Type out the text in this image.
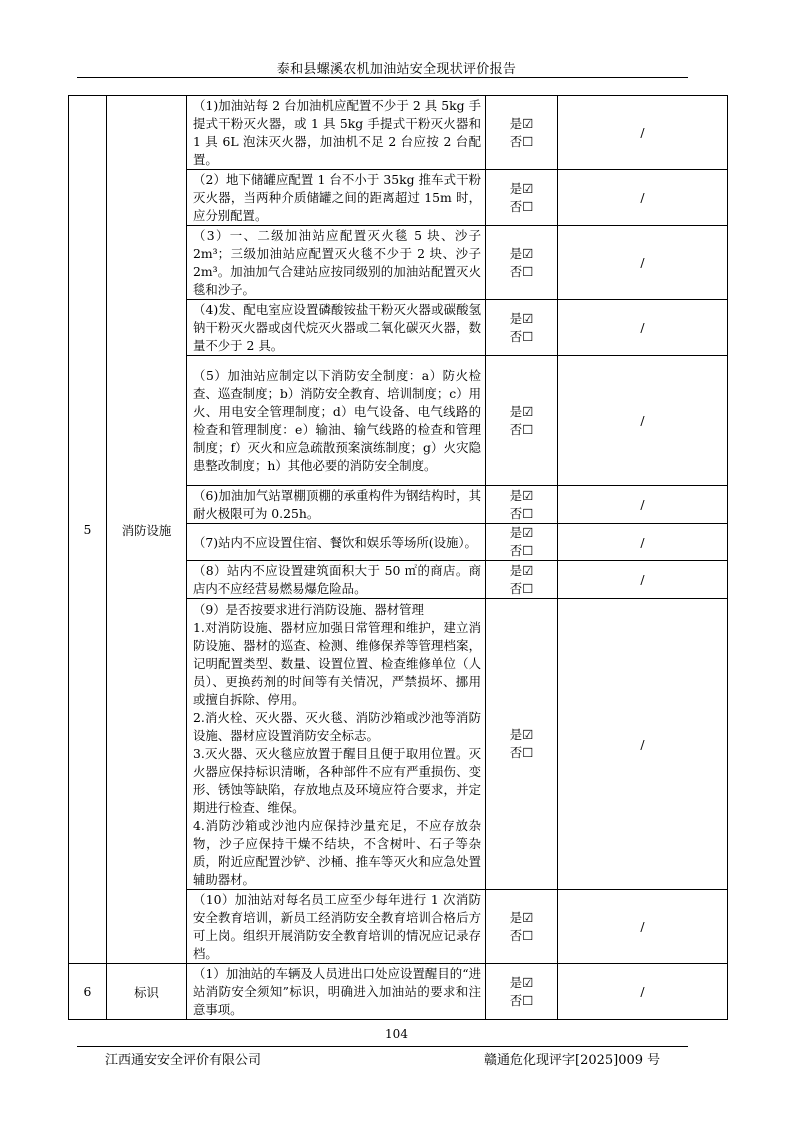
泰和县螺溪农机加油站安全现状评价报告
5	消防设施	（1)加油站每 2 台加油机应配置不少于 2 具 5kg 手提式干粉灭火器，或 1 具 5kg 手提式干粉灭火器和 1 具 6L 泡沫灭火器，加油机不足 2 台应按 2 台配置。	是☑
否☐	/

		（2）地下储罐应配置 1 台不小于 35kg 推车式干粉灭火器，当两种介质储罐之间的距离超过 15m 时，应分别配置。	是☑
否☐	/

		（3）一、二级加油站应配置灭火毯 5 块、沙子 2m³；三级加油站应配置灭火毯不少于 2 块、沙子 2m³。加油加气合建站应按同级别的加油站配置灭火毯和沙子。	是☑
否☐	/

		（4)发、配电室应设置磷酸铵盐干粉灭火器或碳酸氢钠干粉灭火器或卤代烷灭火器或二氧化碳灭火器，数量不少于 2 具。	是☑
否☐	/

		（5）加油站应制定以下消防安全制度：a）防火检查、巡查制度；b）消防安全教育、培训制度；c）用火、用电安全管理制度；d）电气设备、电气线路的检查和管理制度：e）输油、输气线路的检查和管理制度；f）灭火和应急疏散预案演练制度；g）火灾隐患整改制度；h）其他必要的消防安全制度。	是☑
否☐	/

		（6)加油加气站罩棚顶棚的承重构件为钢结构时，其耐火极限可为 0.25h。	是☑
否☐	/

		（7)站内不应设置住宿、餐饮和娱乐等场所(设施）。	是☑
否☐	/

		（8）站内不应设置建筑面积大于 50 ㎡的商店。商店内不应经营易燃易爆危险品。	是☑
否☐	/

		（9）是否按要求进行消防设施、器材管理
1.对消防设施、器材应加强日常管理和维护，建立消防设施、器材的巡查、检测、维修保养等管理档案，记明配置类型、数量、设置位置、检查维修单位（人员）、更换药剂的时间等有关情况，严禁损坏、挪用或擅自拆除、停用。
2.消火栓、灭火器、灭火毯、消防沙箱或沙池等消防设施、器材应设置消防安全标志。
3.灭火器、灭火毯应放置于醒目且便于取用位置。灭火器应保持标识清晰，各种部件不应有严重损伤、变形、锈蚀等缺陷，存放地点及环境应符合要求，并定期进行检查、维保。
4.消防沙箱或沙池内应保持沙量充足，不应存放杂物，沙子应保持干燥不结块，不含树叶、石子等杂质，附近应配置沙铲、沙桶、推车等灭火和应急处置辅助器材。	是☑
否☐	/

		（10）加油站对每名员工应至少每年进行 1 次消防安全教育培训，新员工经消防安全教育培训合格后方可上岗。组织开展消防安全教育培训的情况应记录存档。	是☑
否☐	/
6	标识	（1）加油站的车辆及人员进出口处应设置醒目的“进站消防安全须知”标识，明确进入加油站的要求和注意事项。	是☑
否☐	/
104
江西通安安全评价有限公司	赣通危化现评字[2025]009 号
